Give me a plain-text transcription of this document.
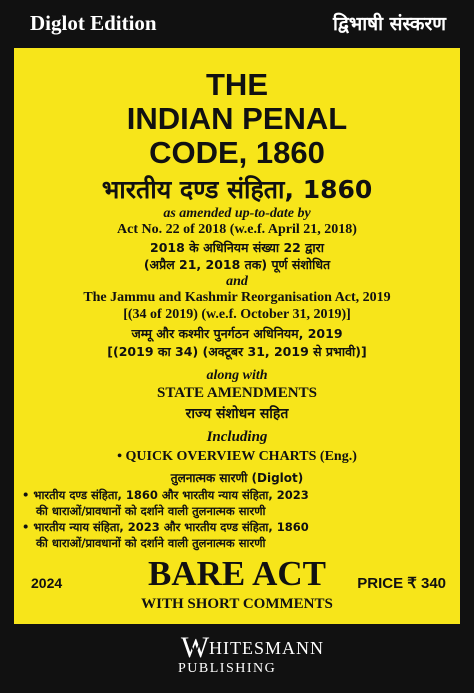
Diglot Edition	द्विभाषी संस्करण
THE
INDIAN PENAL
CODE, 1860
भारतीय दण्ड संहिता, 1860
as amended up-to-date by
Act No. 22 of 2018 (w.e.f. April 21, 2018)
2018 के अधिनियम संख्या 22 द्वारा
(अप्रैल 21, 2018 तक) पूर्ण संशोधित
and
The Jammu and Kashmir Reorganisation Act, 2019
[(34 of 2019) (w.e.f. October 31, 2019)]
जम्मू और कश्मीर पुनर्गठन अधिनियम, 2019
[(2019 का 34) (अक्टूबर 31, 2019 से प्रभावी)]
along with
STATE AMENDMENTS
राज्य संशोधन सहित
Including
• QUICK OVERVIEW CHARTS (Eng.)
तुलनात्मक सारणी (Diglot)
• भारतीय दण्ड संहिता, 1860 और भारतीय न्याय संहिता, 2023
की धाराओं/प्रावधानों को दर्शाने वाली तुलनात्मक सारणी
• भारतीय न्याय संहिता, 2023 और भारतीय दण्ड संहिता, 1860
की धाराओं/प्रावधानों को दर्शाने वाली तुलनात्मक सारणी
2024	BARE ACT	PRICE ₹ 340
WITH SHORT COMMENTS
W HITESMANN
PUBLISHING
